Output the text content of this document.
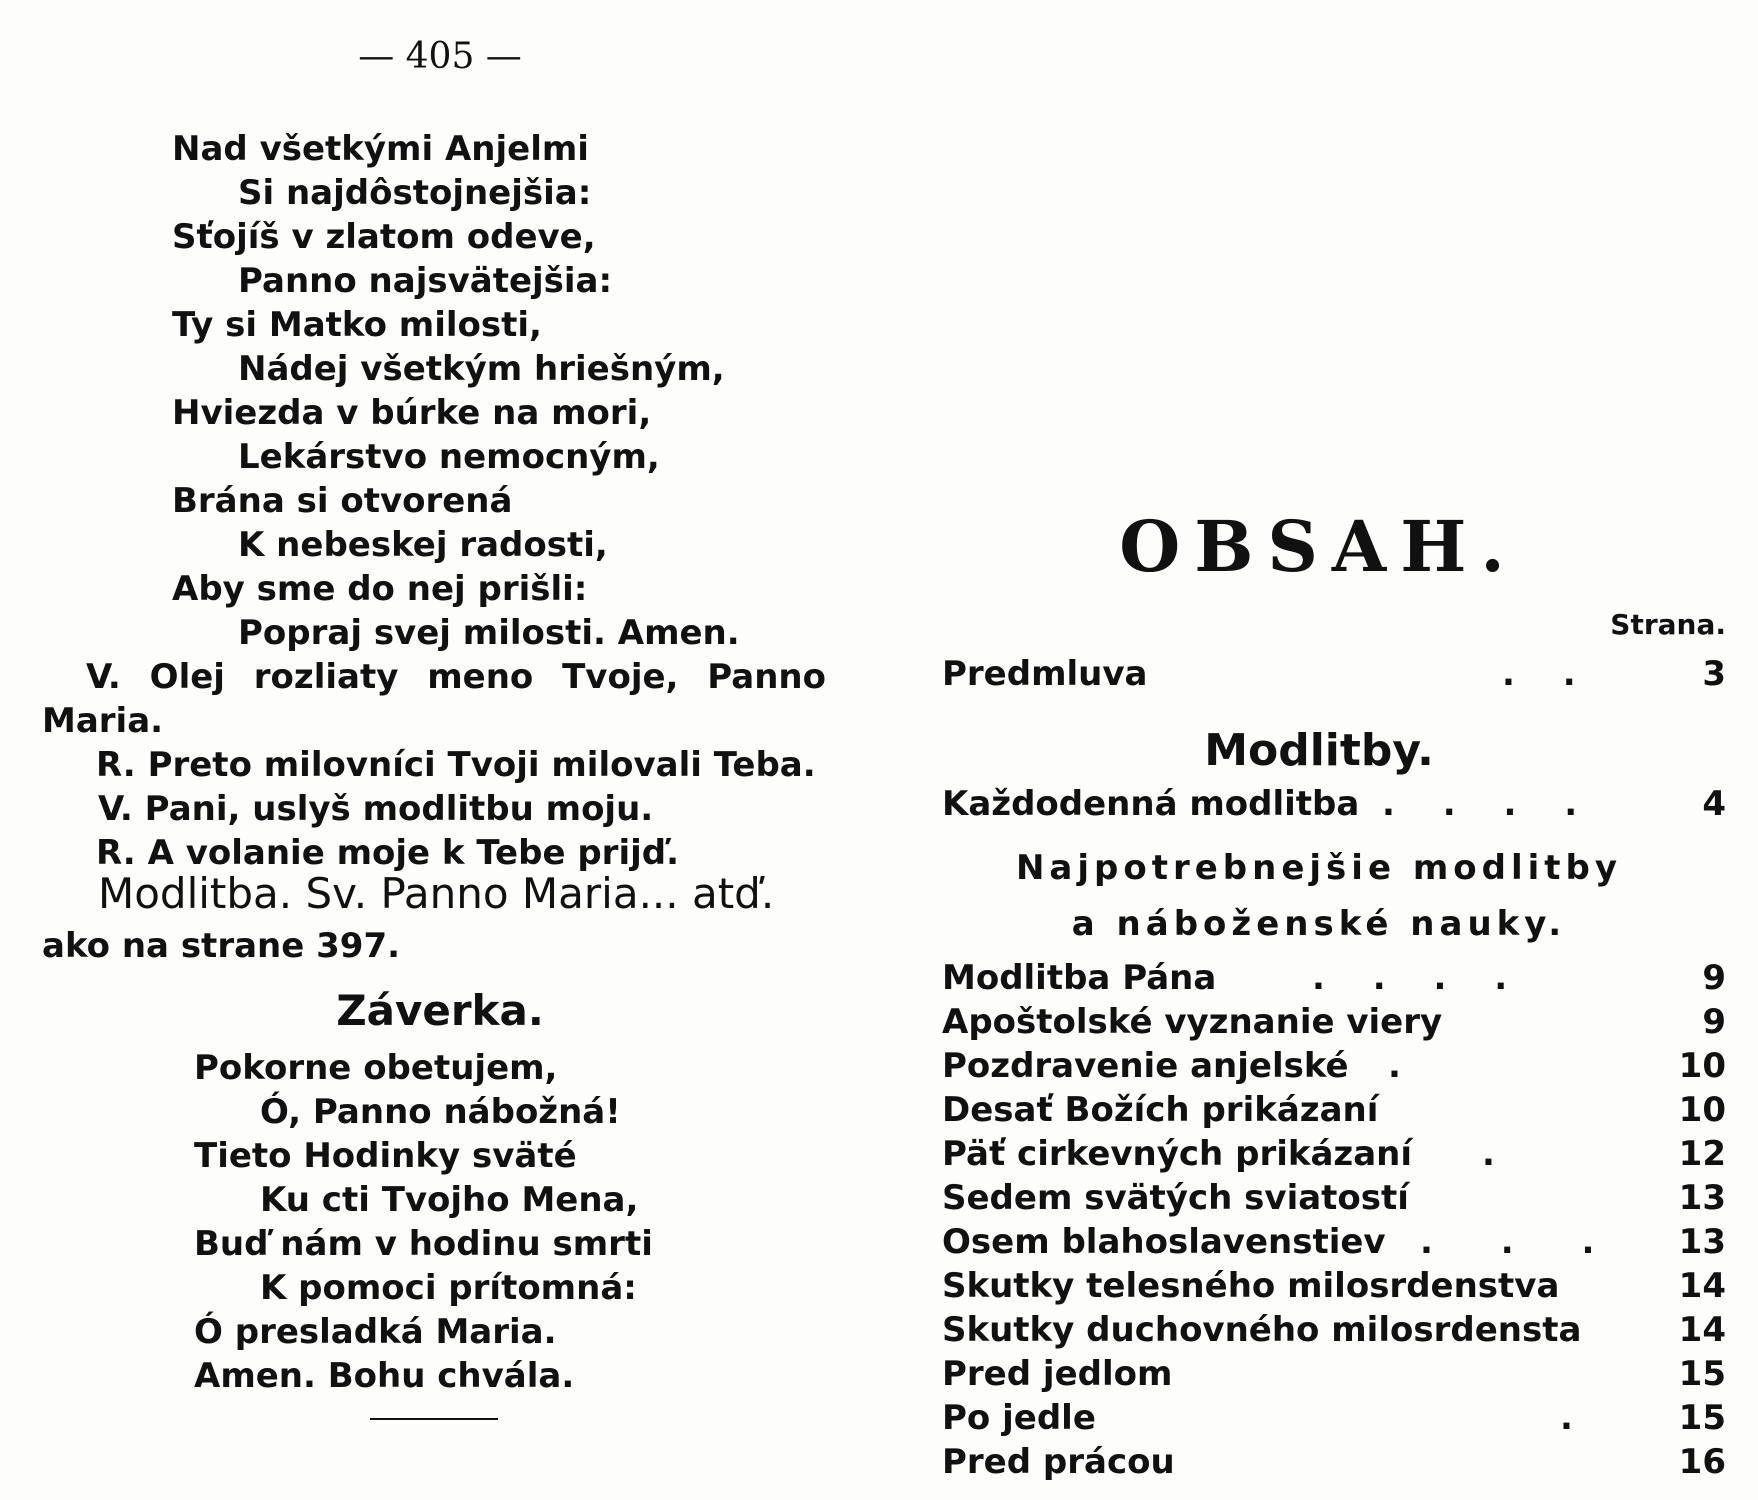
— 405 —
Nad všetkými Anjelmi
Si najdôstojnejšia:
Sťojíš v zlatom odeve,
Panno najsvätejšia:
Ty si Matko milosti,
Nádej všetkým hriešným,
Hviezda v búrke na mori,
Lekárstvo nemocným,
Brána si otvorená
K nebeskej radosti,
Aby sme do nej prišli:
Popraj svej milosti. Amen.
V. Olej rozliaty meno Tvoje, Panno
Maria.
R. Preto milovníci Tvoji milovali Teba.
V. Pani, uslyš modlitbu moju.
R. A volanie moje k Tebe prijď.
Modlitba. Sv. Panno Maria... atď.
ako na strane 397.
Záverka.
Pokorne obetujem,
Ó, Panno nábožná!
Tieto Hodinky sväté
Ku cti Tvojho Mena,
Buď nám v hodinu smrti
K pomoci prítomná:
Ó presladká Maria.
Amen. Bohu chvála.
OBSAH.
Strana.
Predmluva	. .	3
Modlitby.
Každodenná modlitba . . . .	4
Najpotrebnejšie modlitby
a náboženské nauky.
Modlitba Pána	. . . .	9
Apoštolské vyznanie viery	9
Pozdravenie anjelské .	10
Desať Božích prikázaní	10
Päť cirkevných prikázaní .	12
Sedem svätých sviatostí	13
Osem blahoslavenstiev . . . 13
Skutky telesného milosrdenstva	14
Skutky duchovného milosrdensta	14
Pred jedlom	15
Po jedle	.	15
Pred prácou	16
